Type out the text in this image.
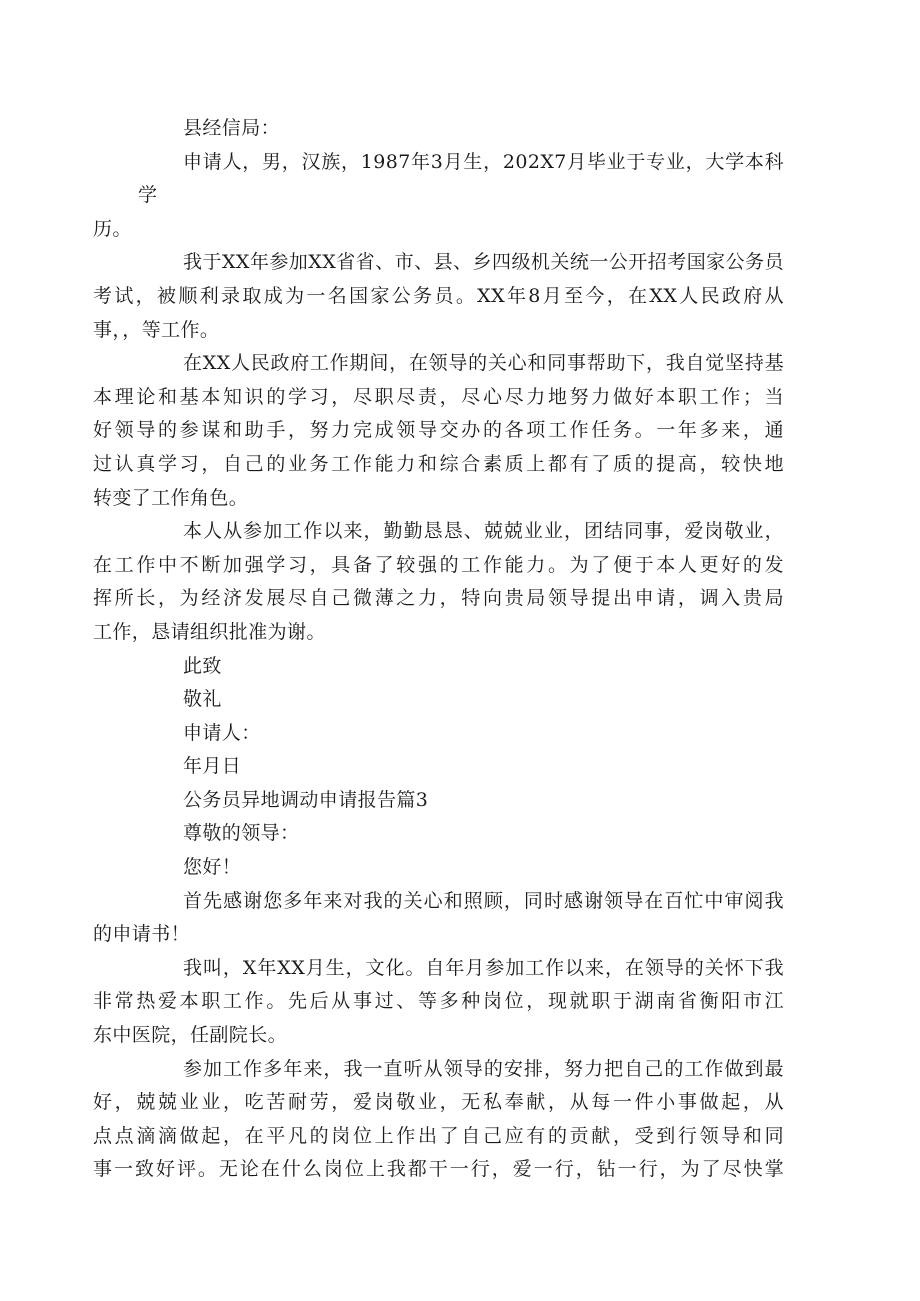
县经信局：

申请人，男，汉族，1987年3月生，202X7月毕业于专业，大学本科学
历。

我于XX年参加XX省省、市、县、乡四级机关统一公开招考国家公务员
考试，被顺利录取成为一名国家公务员。XX年8月至今，在XX人民政府从
事，，等工作。

在XX人民政府工作期间，在领导的关心和同事帮助下，我自觉坚持基
本理论和基本知识的学习，尽职尽责，尽心尽力地努力做好本职工作；当
好领导的参谋和助手，努力完成领导交办的各项工作任务。一年多来，通
过认真学习，自己的业务工作能力和综合素质上都有了质的提高，较快地
转变了工作角色。

本人从参加工作以来，勤勤恳恳、兢兢业业，团结同事，爱岗敬业，
在工作中不断加强学习，具备了较强的工作能力。为了便于本人更好的发
挥所长，为经济发展尽自己微薄之力，特向贵局领导提出申请，调入贵局
工作，恳请组织批准为谢。

此致

敬礼

申请人：

年月日

公务员异地调动申请报告篇3

尊敬的领导：

您好！

首先感谢您多年来对我的关心和照顾，同时感谢领导在百忙中审阅我
的申请书！

我叫，X年XX月生，文化。自年月参加工作以来，在领导的关怀下我
非常热爱本职工作。先后从事过、等多种岗位，现就职于湖南省衡阳市江
东中医院，任副院长。

参加工作多年来，我一直听从领导的安排，努力把自己的工作做到最
好，兢兢业业，吃苦耐劳，爱岗敬业，无私奉献，从每一件小事做起，从
点点滴滴做起，在平凡的岗位上作出了自己应有的贡献，受到行领导和同
事一致好评。无论在什么岗位上我都干一行，爱一行，钻一行，为了尽快掌
